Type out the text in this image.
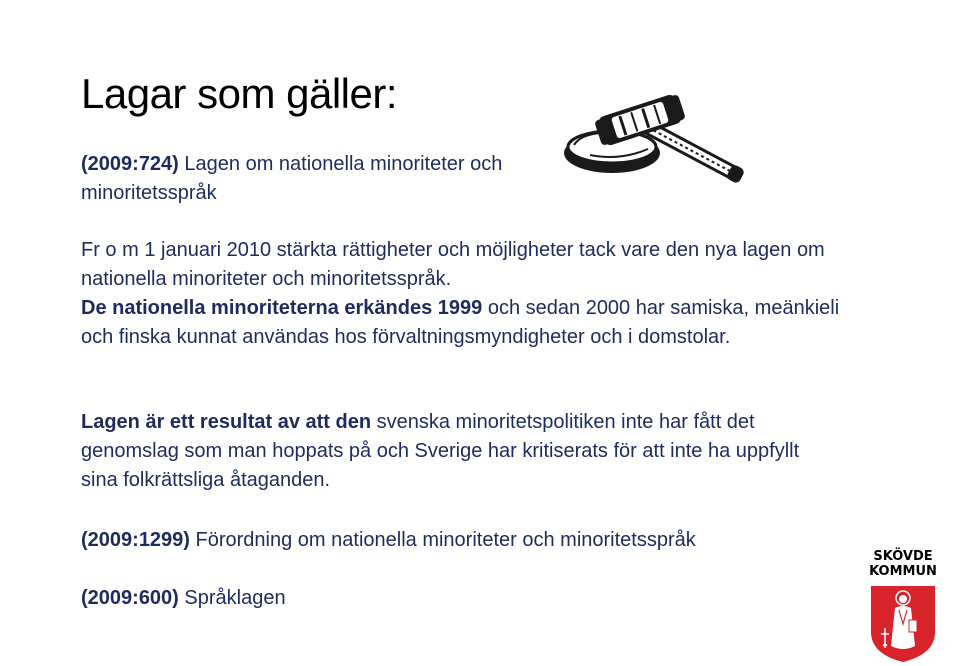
Lagar som gäller:

(2009:724) Lagen om nationella minoriteter och minoritetsspråk

Fr o m 1 januari 2010 stärkta rättigheter och möjligheter tack vare den nya lagen om nationella minoriteter och minoritetsspråk.

De nationella minoriteterna erkändes 1999 och sedan 2000 har samiska, meänkieli och finska kunnat användas hos förvaltningsmyndigheter och i domstolar.

Lagen är ett resultat av att den svenska minoritetspolitiken inte har fått det genomslag som man hoppats på och Sverige har kritiserats för att inte ha uppfyllt sina folkrättsliga åtaganden.

(2009:1299) Förordning om nationella minoriteter och minoritetsspråk

(2009:600) Språklagen

SKÖVDE
KOMMUN
